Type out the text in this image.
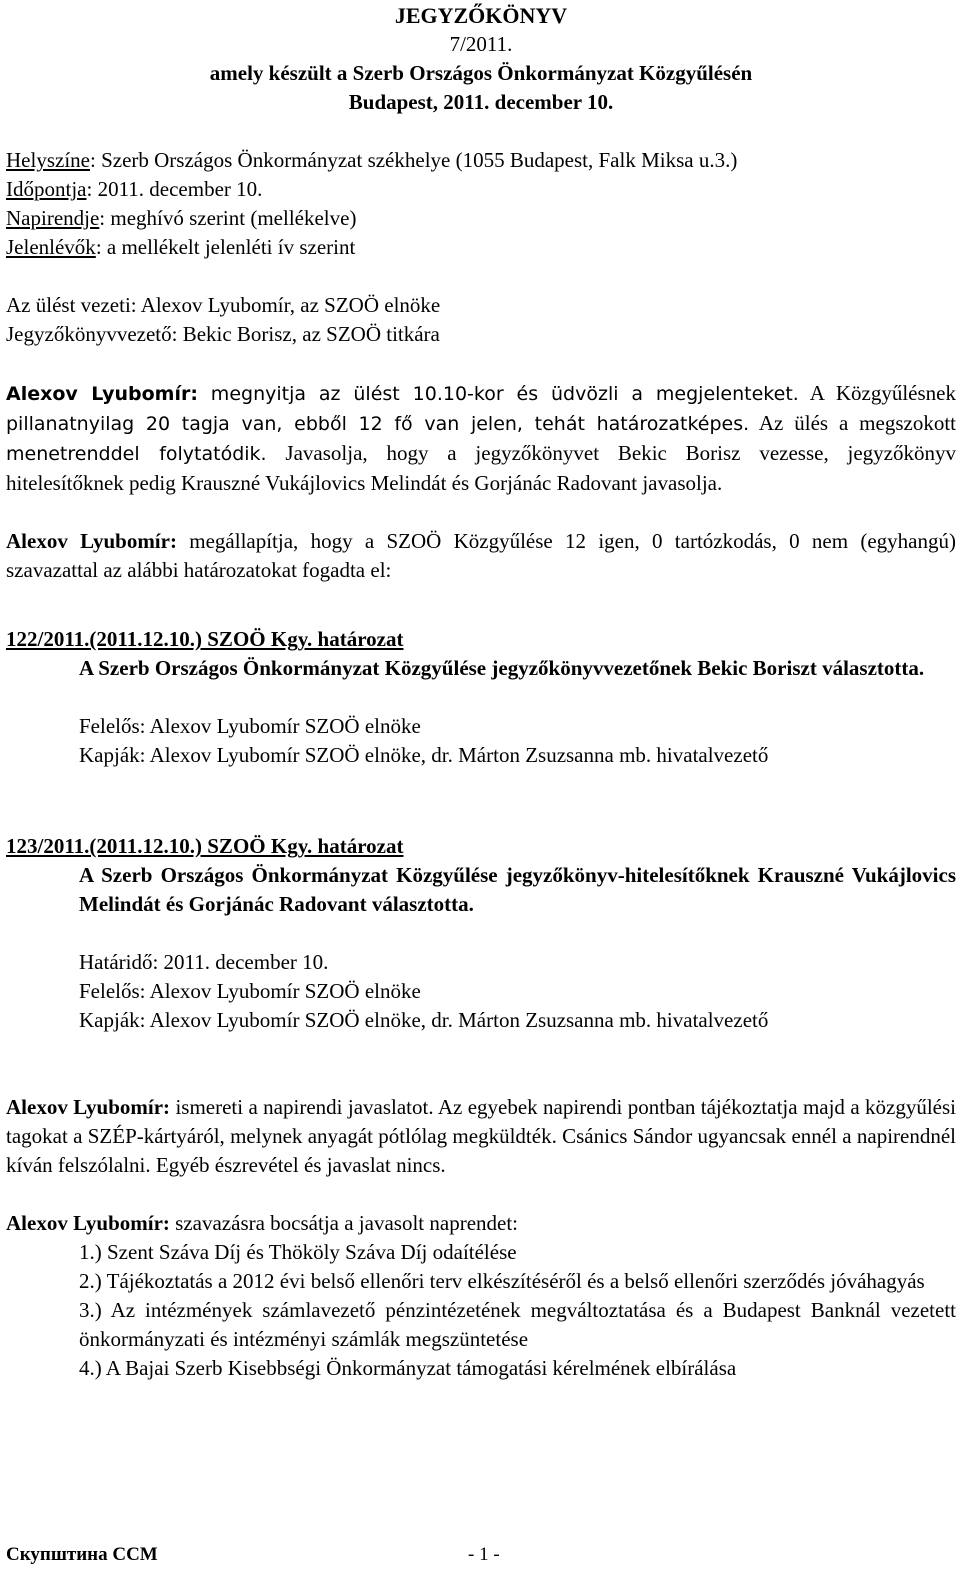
JEGYZŐKÖNYV
7/2011.
amely készült a Szerb Országos Önkormányzat Közgyűlésén
Budapest, 2011. december 10.
Helyszíne: Szerb Országos Önkormányzat székhelye (1055 Budapest, Falk Miksa u.3.)
Időpontja: 2011. december 10.
Napirendje: meghívó szerint (mellékelve)
Jelenlévők: a mellékelt jelenléti ív szerint
Az ülést vezeti: Alexov Lyubomír, az SZOÖ elnöke
Jegyzőkönyvvezető: Bekic Borisz, az SZOÖ titkára

Alexov Lyubomír: megnyitja az ülést 10.10-kor és üdvözli a megjelenteket. A Közgyűlésnek pillanatnyilag 20 tagja van, ebből 12 fő van jelen, tehát határozatképes. Az ülés a megszokott menetrenddel folytatódik. Javasolja, hogy a jegyzőkönyvet Bekic Borisz vezesse, jegyzőkönyv hitelesítőknek pedig Krauszné Vukájlovics Melindát és Gorjánác Radovant javasolja.

Alexov Lyubomír: megállapítja, hogy a SZOÖ Közgyűlése 12 igen, 0 tartózkodás, 0 nem (egyhangú) szavazattal az alábbi határozatokat fogadta el:

122/2011.(2011.12.10.) SZOÖ Kgy. határozat
A Szerb Országos Önkormányzat Közgyűlése jegyzőkönyvvezetőnek Bekic Boriszt választotta.
Felelős: Alexov Lyubomír SZOÖ elnöke
Kapják: Alexov Lyubomír SZOÖ elnöke, dr. Márton Zsuzsanna mb. hivatalvezető
123/2011.(2011.12.10.) SZOÖ Kgy. határozat
A Szerb Országos Önkormányzat Közgyűlése jegyzőkönyv-hitelesítőknek Krauszné Vukájlovics Melindát és Gorjánác Radovant választotta.
Határidő: 2011. december 10.
Felelős: Alexov Lyubomír SZOÖ elnöke
Kapják: Alexov Lyubomír SZOÖ elnöke, dr. Márton Zsuzsanna mb. hivatalvezető

Alexov Lyubomír: ismereti a napirendi javaslatot. Az egyebek napirendi pontban tájékoztatja majd a közgyűlési tagokat a SZÉP-kártyáról, melynek anyagát pótlólag megküldték. Csánics Sándor ugyancsak ennél a napirendnél kíván felszólalni. Egyéb észrevétel és javaslat nincs.

Alexov Lyubomír: szavazásra bocsátja a javasolt naprendet:
1.) Szent Száva Díj és Thököly Száva Díj odaítélése
2.) Tájékoztatás a 2012 évi belső ellenőri terv elkészítéséről és a belső ellenőri szerződés jóváhagyás
3.) Az intézmények számlavezető pénzintézetének megváltoztatása és a Budapest Banknál vezetett önkormányzati és intézményi számlák megszüntetése
4.) A Bajai Szerb Kisebbségi Önkormányzat támogatási kérelmének elbírálása
Скупштина ССМ	- 1 -
